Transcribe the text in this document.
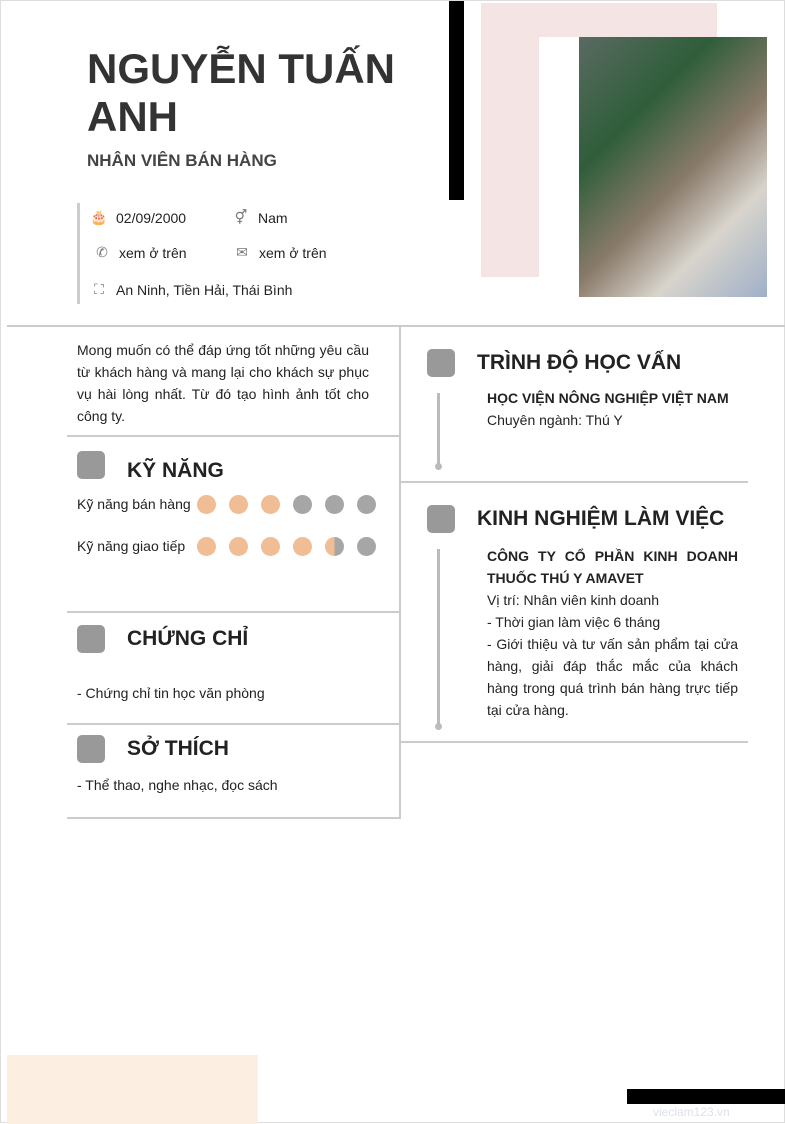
NGUYỄN TUẤN ANH
NHÂN VIÊN BÁN HÀNG
🎂 02/09/2000	⚥ Nam
✆ xem ở trên	✉ xem ở trên
⛶ An Ninh, Tiền Hải, Thái Bình
Mong muốn có thể đáp ứng tốt những yêu cầu từ khách hàng và mang lại cho khách sự phục vụ hài lòng nhất. Từ đó tạo hình ảnh tốt cho công ty.
KỸ NĂNG
Kỹ năng bán hàng
Kỹ năng giao tiếp
CHỨNG CHỈ
- Chứng chỉ tin học văn phòng
SỞ THÍCH
- Thể thao, nghe nhạc, đọc sách
TRÌNH ĐỘ HỌC VẤN
HỌC VIỆN NÔNG NGHIỆP VIỆT NAM
Chuyên ngành: Thú Y
KINH NGHIỆM LÀM VIỆC
CÔNG TY CỔ PHẦN KINH DOANH THUỐC THÚ Y AMAVET
Vị trí: Nhân viên kinh doanh
- Thời gian làm việc 6 tháng
- Giới thiệu và tư vấn sản phẩm tại cửa hàng, giải đáp thắc mắc của khách hàng trong quá trình bán hàng trực tiếp tại cửa hàng.
vieclam123.vn
